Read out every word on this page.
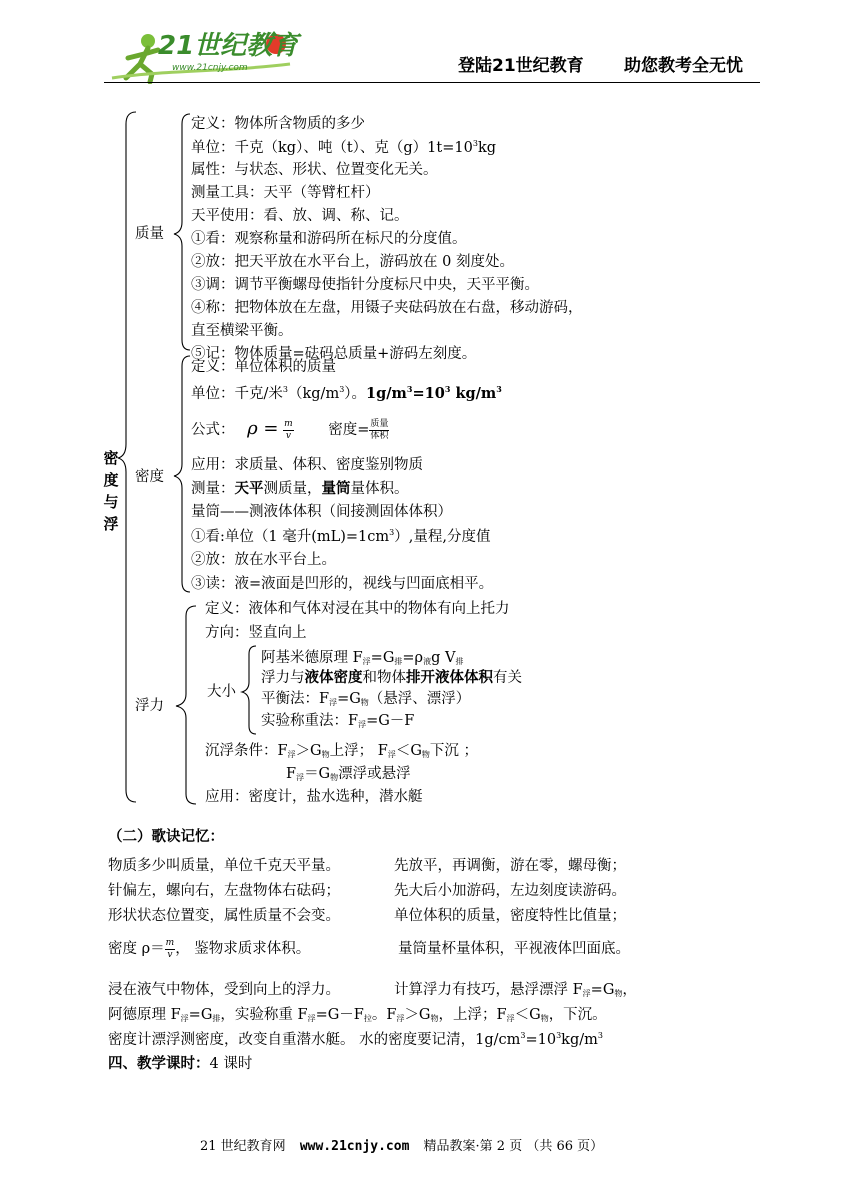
21世纪教育
www.21cnjy.com	登陆21世纪教育 助您教考全无忧
密
度
与
浮
质量
定义：物体所含物质的多少
单位：千克（kg）、吨（t）、克$(g)1t=10^3kg$
属性：与状态、形状、位置变化无关。
测量工具：天平（等臂杠杆）
天平使用：看、放、调、称、记。
①看：观察称量和游码所在标尺的分度值。
②放：把天平放在水平台上，游码放在 0 刻度处。
③调：调节平衡螺母使指针分度标尺中央，天平平衡。
④称：把物体放在左盘，用镊子夹砝码放在右盘，移动游码，
直至横梁平衡。
⑤记：物体质量=砝码总质量+游码左刻度。
密度
定义：单位体积的质量
单位：千克/米$^3(kg/m^3)$。$1g/m^3=10^3$ $kg/m^3$
公式： $\rho = \frac{m}{v}$ 密度= $\frac{\text{质量}}{\text{体积}}$
应用：求质量、体积、密度鉴别物质
测量：天平测质量，量筒量体积。
量筒——测液体体积（间接测固体体积）
①看:单位（1 毫升$(mL)=1cm^3$）,量程,分度值
②放：放在水平台上。
③读：液=液面是凹形的，视线与凹面底相平。
浮力
定义：液体和气体对浸在其中的物体有向上托力
方向：竖直向上
大小
阿基米德原理 $F_浮=G_排=\rho_液g$ $V_排$
浮力与液体密度和物体排开液体体积有关
平衡法：$F_浮=G_物$（悬浮、漂浮）
实验称重法：$F_浮=G-F$
沉浮条件：$F_浮>G_物$上浮； $F_浮<G_物$下沉 ；
$F_浮=G_物$漂浮或悬浮
应用：密度计，盐水选种，潜水艇
（二）歌诀记忆：
物质多少叫质量，单位千克天平量。	先放平，再调衡，游在零，螺母衡；
针偏左，螺向右，左盘物体右砝码；	先大后小加游码，左边刻度读游码。
形状状态位置变，属性质量不会变。	单位体积的质量，密度特性比值量；
密度 $\rho= \frac{m}{v}$ ， 鉴物求质求体积。	量筒量杯量体积，平视液体凹面底。
浸在液气中物体，受到向上的浮力。	计算浮力有技巧，悬浮漂浮 $F_浮=G_物$，
阿德原理 $F_浮=G_排$，实验称重 $F_浮=G-F_拉$。$F_浮>G_物$，上浮；$F_浮<G_物$，下沉。
密度计漂浮测密度，改变自重潜水艇。 水的密度要记清，$1g/cm^3=10^3kg/m^3$
四、教学课时：4 课时
21 世纪教育网 www.21cnjy.com 精品教案·第 2 页 （共 66 页）
